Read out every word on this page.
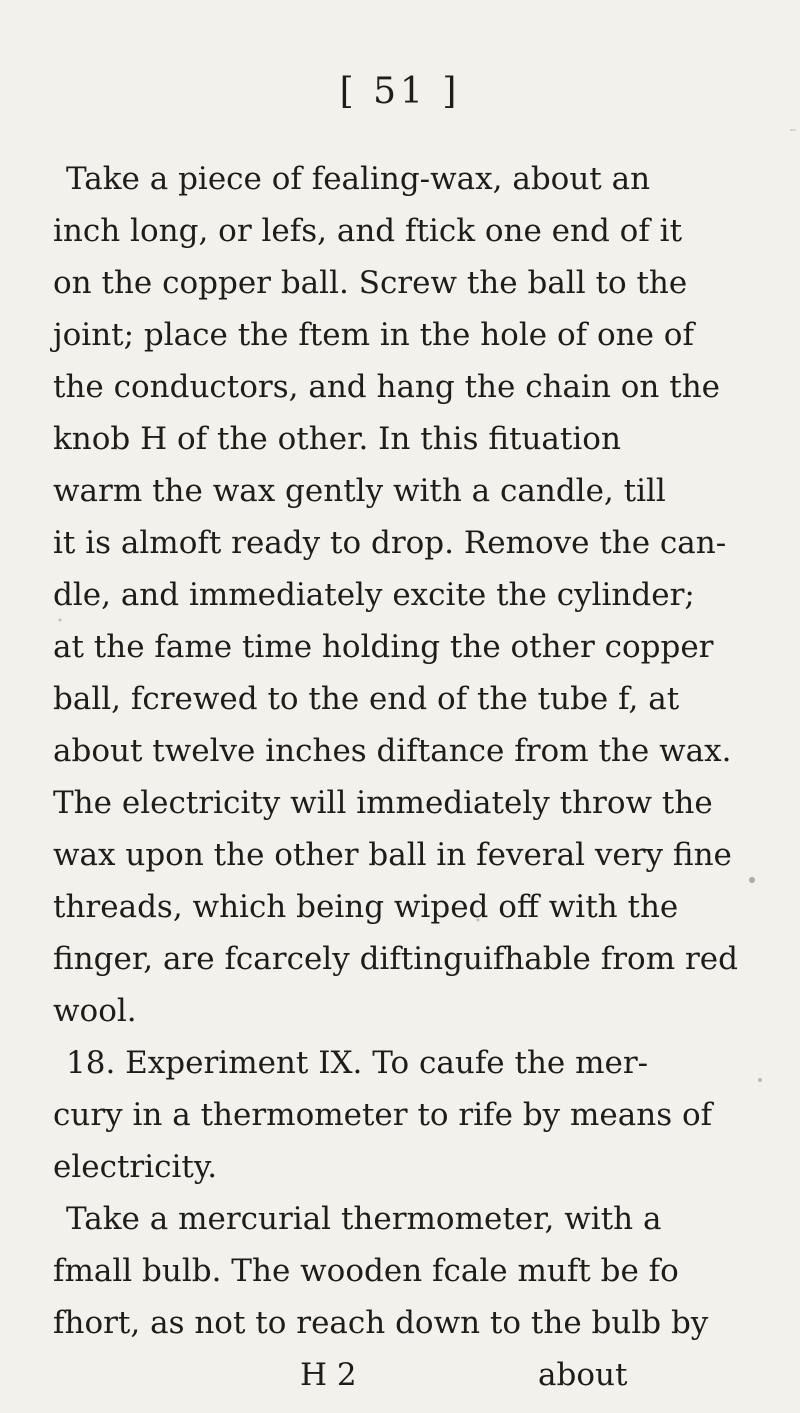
[ 51 ]
Take a piece of fealing-wax, about an
inch long, or lefs, and ftick one end of it
on the copper ball. Screw the ball to the
joint; place the ftem in the hole of one of
the conductors, and hang the chain on the
knob H of the other. In this fituation
warm the wax gently with a candle, till
it is almoft ready to drop. Remove the can-
dle, and immediately excite the cylinder;
at the fame time holding the other copper
ball, fcrewed to the end of the tube f, at
about twelve inches diftance from the wax.
The electricity will immediately throw the
wax upon the other ball in feveral very fine
threads, which being wiped off with the
finger, are fcarcely diftinguifhable from red
wool.
18. Experiment IX. To caufe the mer-
cury in a thermometer to rife by means of
electricity.
Take a mercurial thermometer, with a
fmall bulb. The wooden fcale muft be fo
fhort, as not to reach down to the bulb by
H 2	about
